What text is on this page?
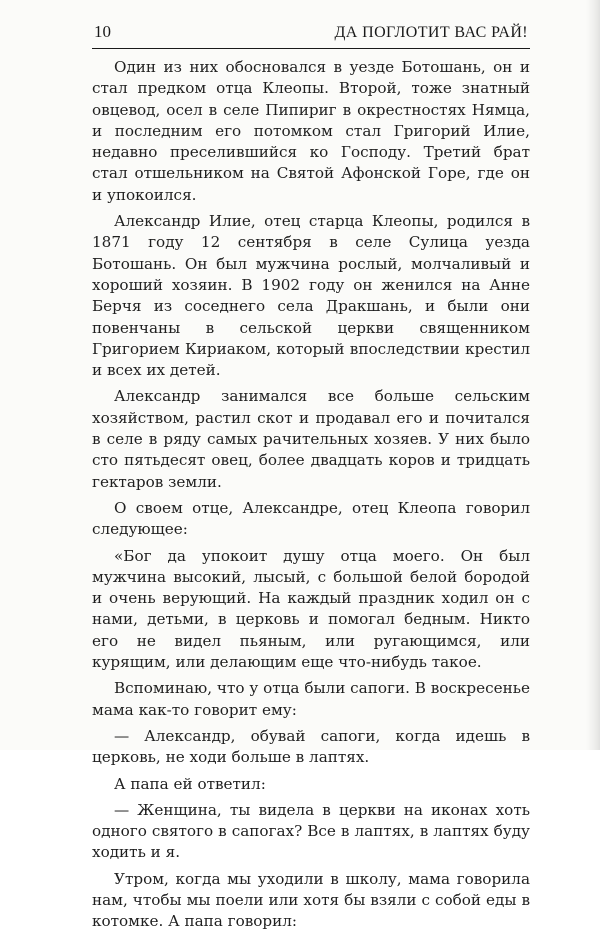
10	ДА ПОГЛОТИТ ВАС РАЙ!

Один из них обосновался в уезде Ботошань, он и стал предком отца Клеопы. Второй, тоже знатный овцевод, осел в селе Пипириг в окрестностях Нямца, и последним его потомком стал Григорий Илие, недавно преселившийся ко Господу. Третий брат стал отшельником на Святой Афонской Горе, где он и упокоился.

Александр Илие, отец старца Клеопы, родился в 1871 году 12 сентября в селе Сулица уезда Ботошань. Он был мужчина рослый, молчаливый и хороший хозяин. В 1902 году он женился на Анне Берчя из соседнего села Дракшань, и были они повенчаны в сельской церкви священником Григорием Кириаком, который впоследствии крестил и всех их детей.

Александр занимался все больше сельским хозяйством, растил скот и продавал его и почитался в селе в ряду самых рачительных хозяев. У них было сто пятьдесят овец, более двадцать коров и тридцать гектаров земли.

О своем отце, Александре, отец Клеопа говорил следующее:

«Бог да упокоит душу отца моего. Он был мужчина высокий, лысый, с большой белой бородой и очень верующий. На каждый праздник ходил он с нами, детьми, в церковь и помогал бедным. Никто его не видел пьяным, или ругающимся, или курящим, или делающим еще что-нибудь такое.

Вспоминаю, что у отца были сапоги. В воскресенье мама как-то говорит ему:

— Александр, обувай сапоги, когда идешь в церковь, не ходи больше в лаптях.

А папа ей ответил:

— Женщина, ты видела в церкви на иконах хоть одного святого в сапогах? Все в лаптях, в лаптях буду ходить и я.

Утром, когда мы уходили в школу, мама говорила нам, чтобы мы поели или хотя бы взяли с собой еды в котомке. А папа говорил:
